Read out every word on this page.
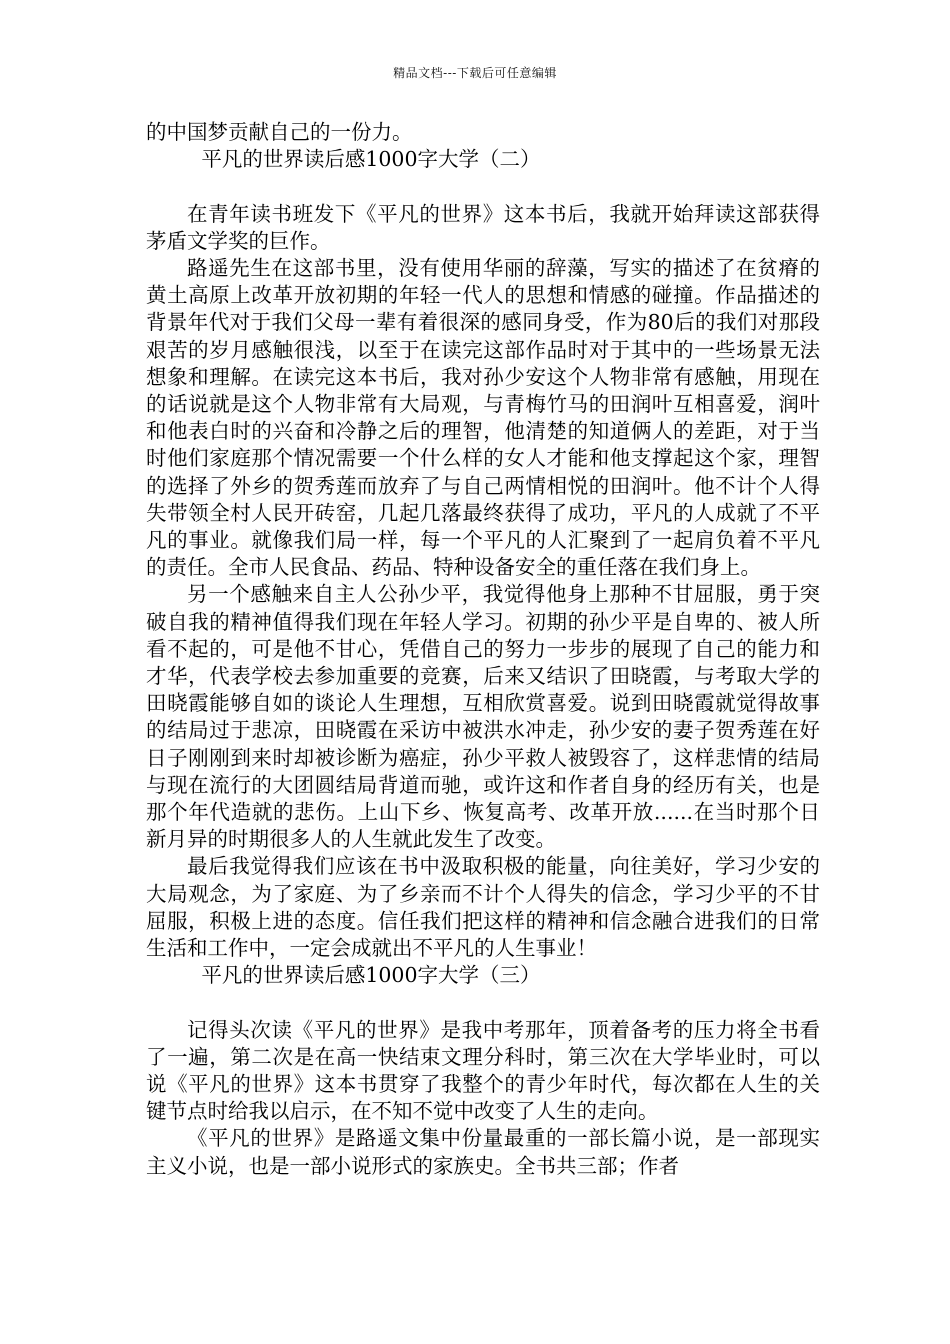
精品文档---下载后可任意编辑
的中国梦贡献自己的一份力。
平凡的世界读后感1000字大学（二）
在青年读书班发下《平凡的世界》这本书后，我就开始拜读这部获得茅盾文学奖的巨作。
路遥先生在这部书里，没有使用华丽的辞藻，写实的描述了在贫瘠的黄土高原上改革开放初期的年轻一代人的思想和情感的碰撞。作品描述的背景年代对于我们父母一辈有着很深的感同身受，作为80后的我们对那段艰苦的岁月感触很浅，以至于在读完这部作品时对于其中的一些场景无法想象和理解。在读完这本书后，我对孙少安这个人物非常有感触，用现在的话说就是这个人物非常有大局观，与青梅竹马的田润叶互相喜爱，润叶和他表白时的兴奋和冷静之后的理智，他清楚的知道俩人的差距，对于当时他们家庭那个情况需要一个什么样的女人才能和他支撑起这个家，理智的选择了外乡的贺秀莲而放弃了与自己两情相悦的田润叶。他不计个人得失带领全村人民开砖窑，几起几落最终获得了成功，平凡的人成就了不平凡的事业。就像我们局一样，每一个平凡的人汇聚到了一起肩负着不平凡的责任。全市人民食品、药品、特种设备安全的重任落在我们身上。
另一个感触来自主人公孙少平，我觉得他身上那种不甘屈服，勇于突破自我的精神值得我们现在年轻人学习。初期的孙少平是自卑的、被人所看不起的，可是他不甘心，凭借自己的努力一步步的展现了自己的能力和才华，代表学校去参加重要的竞赛，后来又结识了田晓霞，与考取大学的田晓霞能够自如的谈论人生理想，互相欣赏喜爱。说到田晓霞就觉得故事的结局过于悲凉，田晓霞在采访中被洪水冲走，孙少安的妻子贺秀莲在好日子刚刚到来时却被诊断为癌症，孙少平救人被毁容了，这样悲情的结局与现在流行的大团圆结局背道而驰，或许这和作者自身的经历有关，也是那个年代造就的悲伤。上山下乡、恢复高考、改革开放......在当时那个日新月异的时期很多人的人生就此发生了改变。
最后我觉得我们应该在书中汲取积极的能量，向往美好，学习少安的大局观念，为了家庭、为了乡亲而不计个人得失的信念，学习少平的不甘屈服，积极上进的态度。信任我们把这样的精神和信念融合进我们的日常生活和工作中，一定会成就出不平凡的人生事业！
平凡的世界读后感1000字大学（三）
记得头次读《平凡的世界》是我中考那年，顶着备考的压力将全书看了一遍，第二次是在高一快结束文理分科时，第三次在大学毕业时，可以说《平凡的世界》这本书贯穿了我整个的青少年时代，每次都在人生的关键节点时给我以启示，在不知不觉中改变了人生的走向。
《平凡的世界》是路遥文集中份量最重的一部长篇小说，是一部现实主义小说，也是一部小说形式的家族史。全书共三部；作者
